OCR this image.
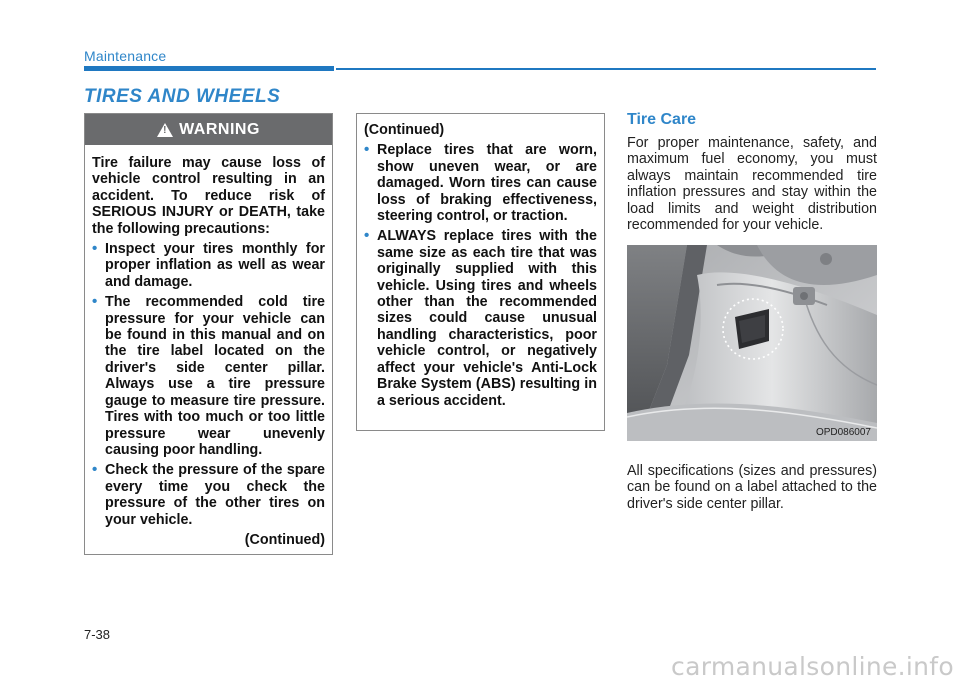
Maintenance
TIRES AND WHEELS
!
WARNING

Tire failure may cause loss of vehicle control resulting in an accident. To reduce risk of SERIOUS INJURY or DEATH, take the following precautions:

• Inspect your tires monthly for proper inflation as well as wear and damage.
• The recommended cold tire pressure for your vehicle can be found in this manual and on the tire label located on the driver's side center pillar. Always use a tire pressure gauge to measure tire pressure. Tires with too much or too little pressure wear unevenly causing poor handling.
• Check the pressure of the spare every time you check the pressure of the other tires on your vehicle.
(Continued)

(Continued)

• Replace tires that are worn, show uneven wear, or are damaged. Worn tires can cause loss of braking effectiveness, steering control, or traction.
• ALWAYS replace tires with the same size as each tire that was originally supplied with this vehicle. Using tires and wheels other than the recommended sizes could cause unusual handling characteristics, poor vehicle control, or negatively affect your vehicle's Anti-Lock Brake System (ABS) resulting in a serious accident.
Tire Care
For proper maintenance, safety, and maximum fuel economy, you must always maintain recommended tire inflation pressures and stay within the load limits and weight distribution recommended for your vehicle.
OPD086007
All specifications (sizes and pressures) can be found on a label attached to the driver's side center pillar.
7-38
carmanualsonline.info
